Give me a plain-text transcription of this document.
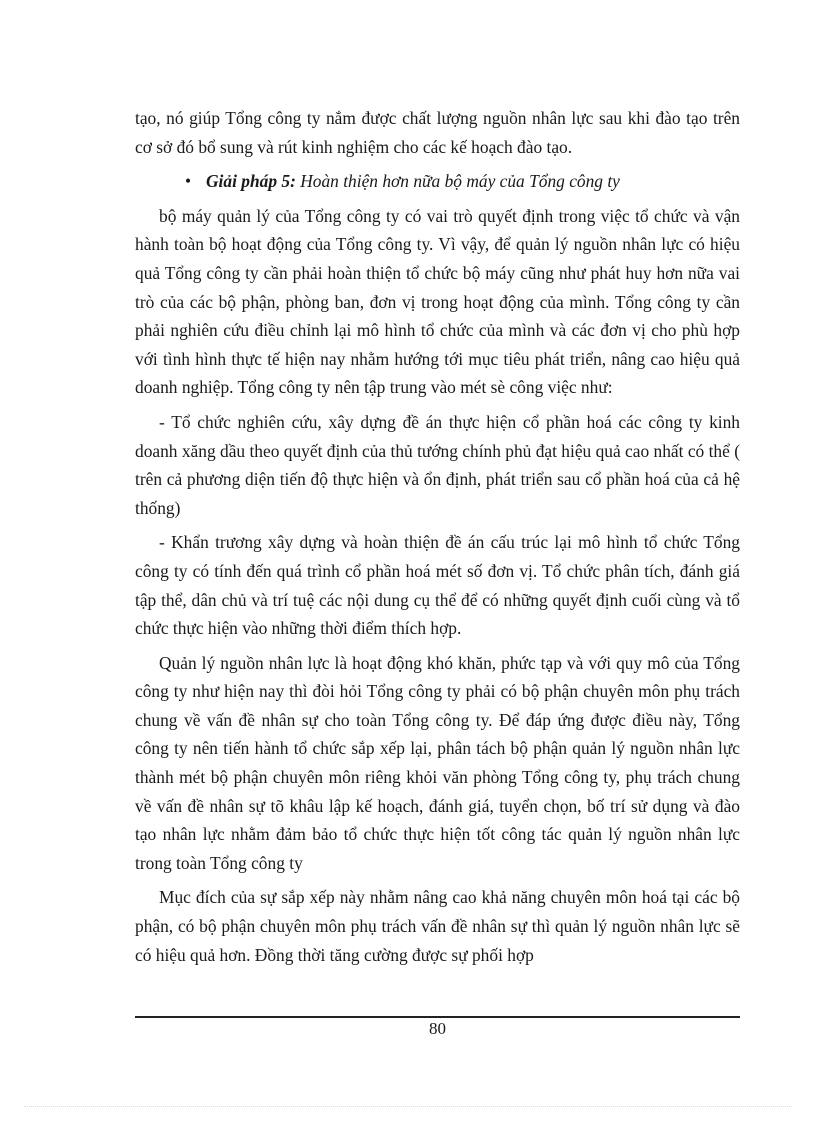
tạo, nó giúp Tổng công ty nắm được chất lượng nguồn nhân lực sau khi đào tạo trên cơ sở đó bổ sung và rút kinh nghiệm cho các kế hoạch đào tạo.

• Giải pháp 5: Hoàn thiện hơn nữa bộ máy của Tổng công ty

bộ máy quản lý của Tổng công ty có vai trò quyết định trong việc tổ chức và vận hành toàn bộ hoạt động của Tổng công ty. Vì vậy, để quản lý nguồn nhân lực có hiệu quả Tổng công ty cần phải hoàn thiện tổ chức bộ máy cũng như phát huy hơn nữa vai trò của các bộ phận, phòng ban, đơn vị trong hoạt động của mình. Tổng công ty cần phải nghiên cứu điều chỉnh lại mô hình tổ chức của mình và các đơn vị cho phù hợp với tình hình thực tế hiện nay nhằm hướng tới mục tiêu phát triển, nâng cao hiệu quả doanh nghiệp. Tổng công ty nên tập trung vào mét sè công việc như:

- Tổ chức nghiên cứu, xây dựng đề án thực hiện cổ phần hoá các công ty kinh doanh xăng dầu theo quyết định của thủ tướng chính phủ đạt hiệu quả cao nhất có thể ( trên cả phương diện tiến độ thực hiện và ổn định, phát triển sau cổ phần hoá của cả hệ thống)

- Khẩn trương xây dựng và hoàn thiện đề án cấu trúc lại mô hình tổ chức Tổng công ty có tính đến quá trình cổ phần hoá mét số đơn vị. Tổ chức phân tích, đánh giá tập thể, dân chủ và trí tuệ các nội dung cụ thể để có những quyết định cuối cùng và tổ chức thực hiện vào những thời điểm thích hợp.

Quản lý nguồn nhân lực là hoạt động khó khăn, phức tạp và với quy mô của Tổng công ty như hiện nay thì đòi hỏi Tổng công ty phải có bộ phận chuyên môn phụ trách chung về vấn đề nhân sự cho toàn Tổng công ty. Để đáp ứng được điều này, Tổng công ty nên tiến hành tổ chức sắp xếp lại, phân tách bộ phận quản lý nguồn nhân lực thành mét bộ phận chuyên môn riêng khỏi văn phòng Tổng công ty, phụ trách chung về vấn đề nhân sự tõ khâu lập kế hoạch, đánh giá, tuyển chọn, bố trí sử dụng và đào tạo nhân lực nhằm đảm bảo tổ chức thực hiện tốt công tác quản lý nguồn nhân lực trong toàn Tổng công ty

Mục đích của sự sắp xếp này nhằm nâng cao khả năng chuyên môn hoá tại các bộ phận, có bộ phận chuyên môn phụ trách vấn đề nhân sự thì quản lý nguồn nhân lực sẽ có hiệu quả hơn. Đồng thời tăng cường được sự phối hợp

80
